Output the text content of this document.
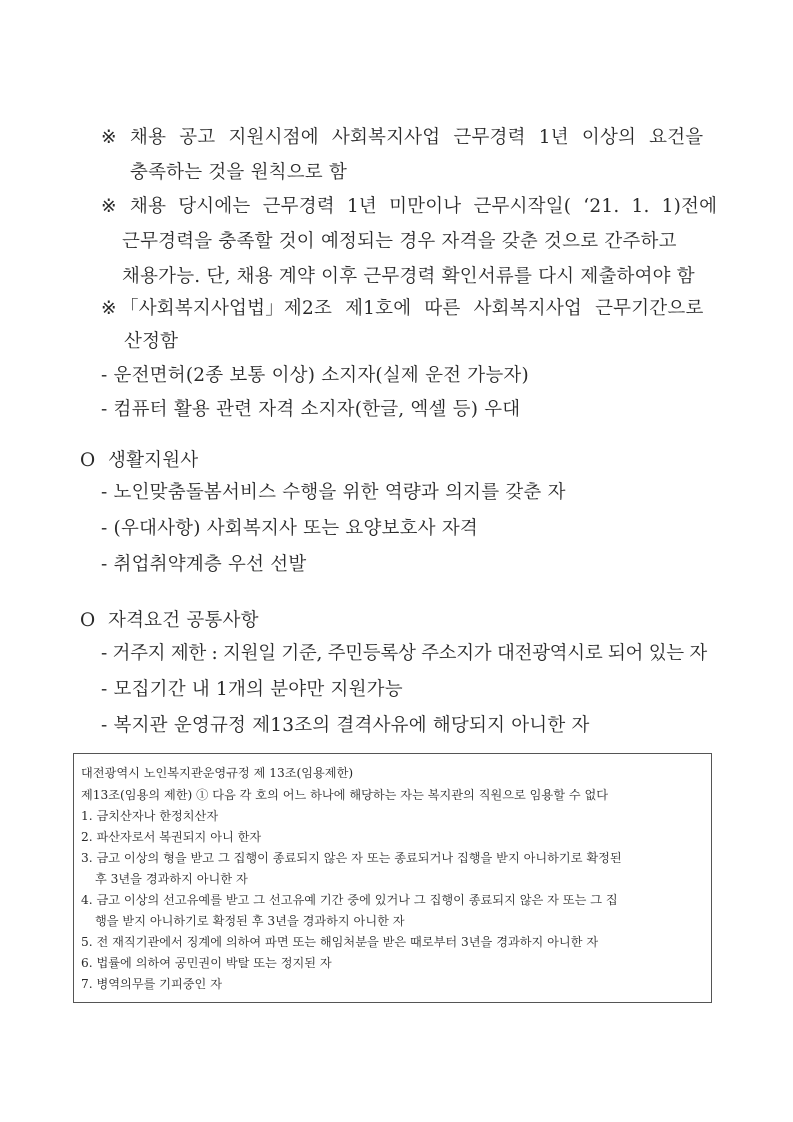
※ 채용 공고 지원시점에 사회복지사업 근무경력 1년 이상의 요건을
충족하는 것을 원칙으로 함
※ 채용 당시에는 근무경력 1년 미만이나 근무시작일( ‘21. 1. 1)전에
근무경력을 충족할 것이 예정되는 경우 자격을 갖춘 것으로 간주하고
채용가능. 단, 채용 계약 이후 근무경력 확인서류를 다시 제출하여야 함
※ 「사회복지사업법」제2조 제1호에 따른 사회복지사업 근무기간으로
산정함
- 운전면허(2종 보통 이상) 소지자(실제 운전 가능자)
- 컴퓨터 활용 관련 자격 소지자(한글, 엑셀 등) 우대
O 생활지원사
- 노인맞춤돌봄서비스 수행을 위한 역량과 의지를 갖춘 자
- (우대사항) 사회복지사 또는 요양보호사 자격
- 취업취약계층 우선 선발
O 자격요건 공통사항
- 거주지 제한 : 지원일 기준, 주민등록상 주소지가 대전광역시로 되어 있는 자
- 모집기간 내 1개의 분야만 지원가능
- 복지관 운영규정 제13조의 결격사유에 해당되지 아니한 자
대전광역시 노인복지관운영규정 제 13조(임용제한)
제13조(임용의 제한) ① 다음 각 호의 어느 하나에 해당하는 자는 복지관의 직원으로 임용할 수 없다
1. 금치산자나 한정치산자
2. 파산자로서 복권되지 아니 한자
3. 금고 이상의 형을 받고 그 집행이 종료되지 않은 자 또는 종료되거나 집행을 받지 아니하기로 확정된
후 3년을 경과하지 아니한 자
4. 금고 이상의 선고유예를 받고 그 선고유예 기간 중에 있거나 그 집행이 종료되지 않은 자 또는 그 집
행을 받지 아니하기로 확정된 후 3년을 경과하지 아니한 자
5. 전 재직기관에서 징계에 의하여 파면 또는 해임처분을 받은 때로부터 3년을 경과하지 아니한 자
6. 법률에 의하여 공민권이 박탈 또는 정지된 자
7. 병역의무를 기피중인 자
